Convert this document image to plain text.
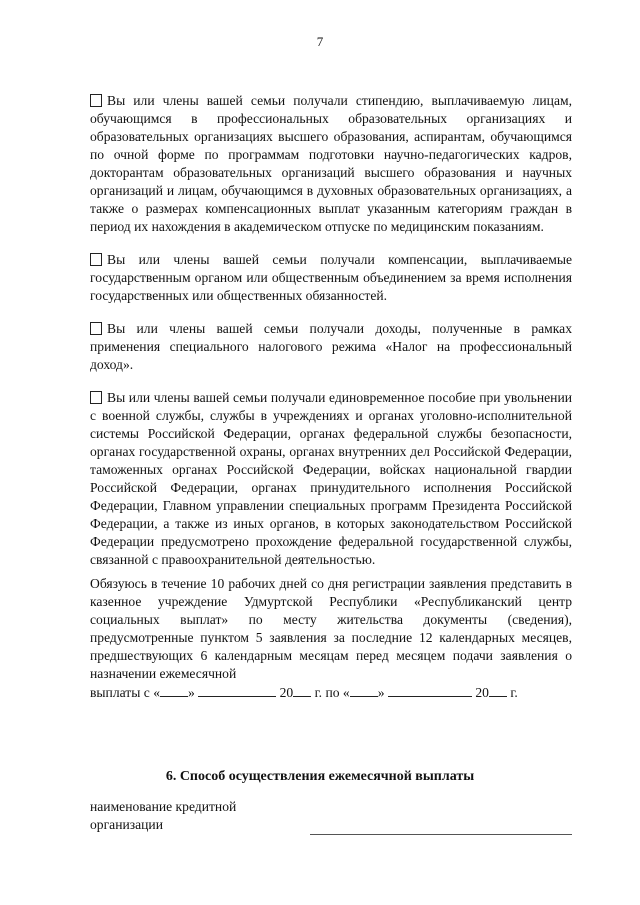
7
Вы или члены вашей семьи получали стипендию, выплачиваемую лицам, обучающимся в профессиональных образовательных организациях и образовательных организациях высшего образования, аспирантам, обучающимся по очной форме по программам подготовки научно-педагогических кадров, докторантам образовательных организаций высшего образования и научных организаций и лицам, обучающимся в духовных образовательных организациях, а также о размерах компенсационных выплат указанным категориям граждан в период их нахождения в академическом отпуске по медицинским показаниям.
Вы или члены вашей семьи получали компенсации, выплачиваемые государственным органом или общественным объединением за время исполнения государственных или общественных обязанностей.
Вы или члены вашей семьи получали доходы, полученные в рамках применения специального налогового режима «Налог на профессиональный доход».
Вы или члены вашей семьи получали единовременное пособие при увольнении с военной службы, службы в учреждениях и органах уголовно-исполнительной системы Российской Федерации, органах федеральной службы безопасности, органах государственной охраны, органах внутренних дел Российской Федерации, таможенных органах Российской Федерации, войсках национальной гвардии Российской Федерации, органах принудительного исполнения Российской Федерации, Главном управлении специальных программ Президента Российской Федерации, а также из иных органов, в которых законодательством Российской Федерации предусмотрено прохождение федеральной государственной службы, связанной с правоохранительной деятельностью.

Обязуюсь в течение 10 рабочих дней со дня регистрации заявления представить в казенное учреждение Удмуртской Республики «Республиканский центр социальных выплат» по месту жительства документы (сведения), предусмотренные пунктом 5 заявления за последние 12 календарных месяцев, предшествующих 6 календарным месяцам перед месяцем подачи заявления о назначении ежемесячной

выплаты с « »	20 г. по « »	20 г.

6. Способ осуществления ежемесячной выплаты
наименование кредитной
организации
